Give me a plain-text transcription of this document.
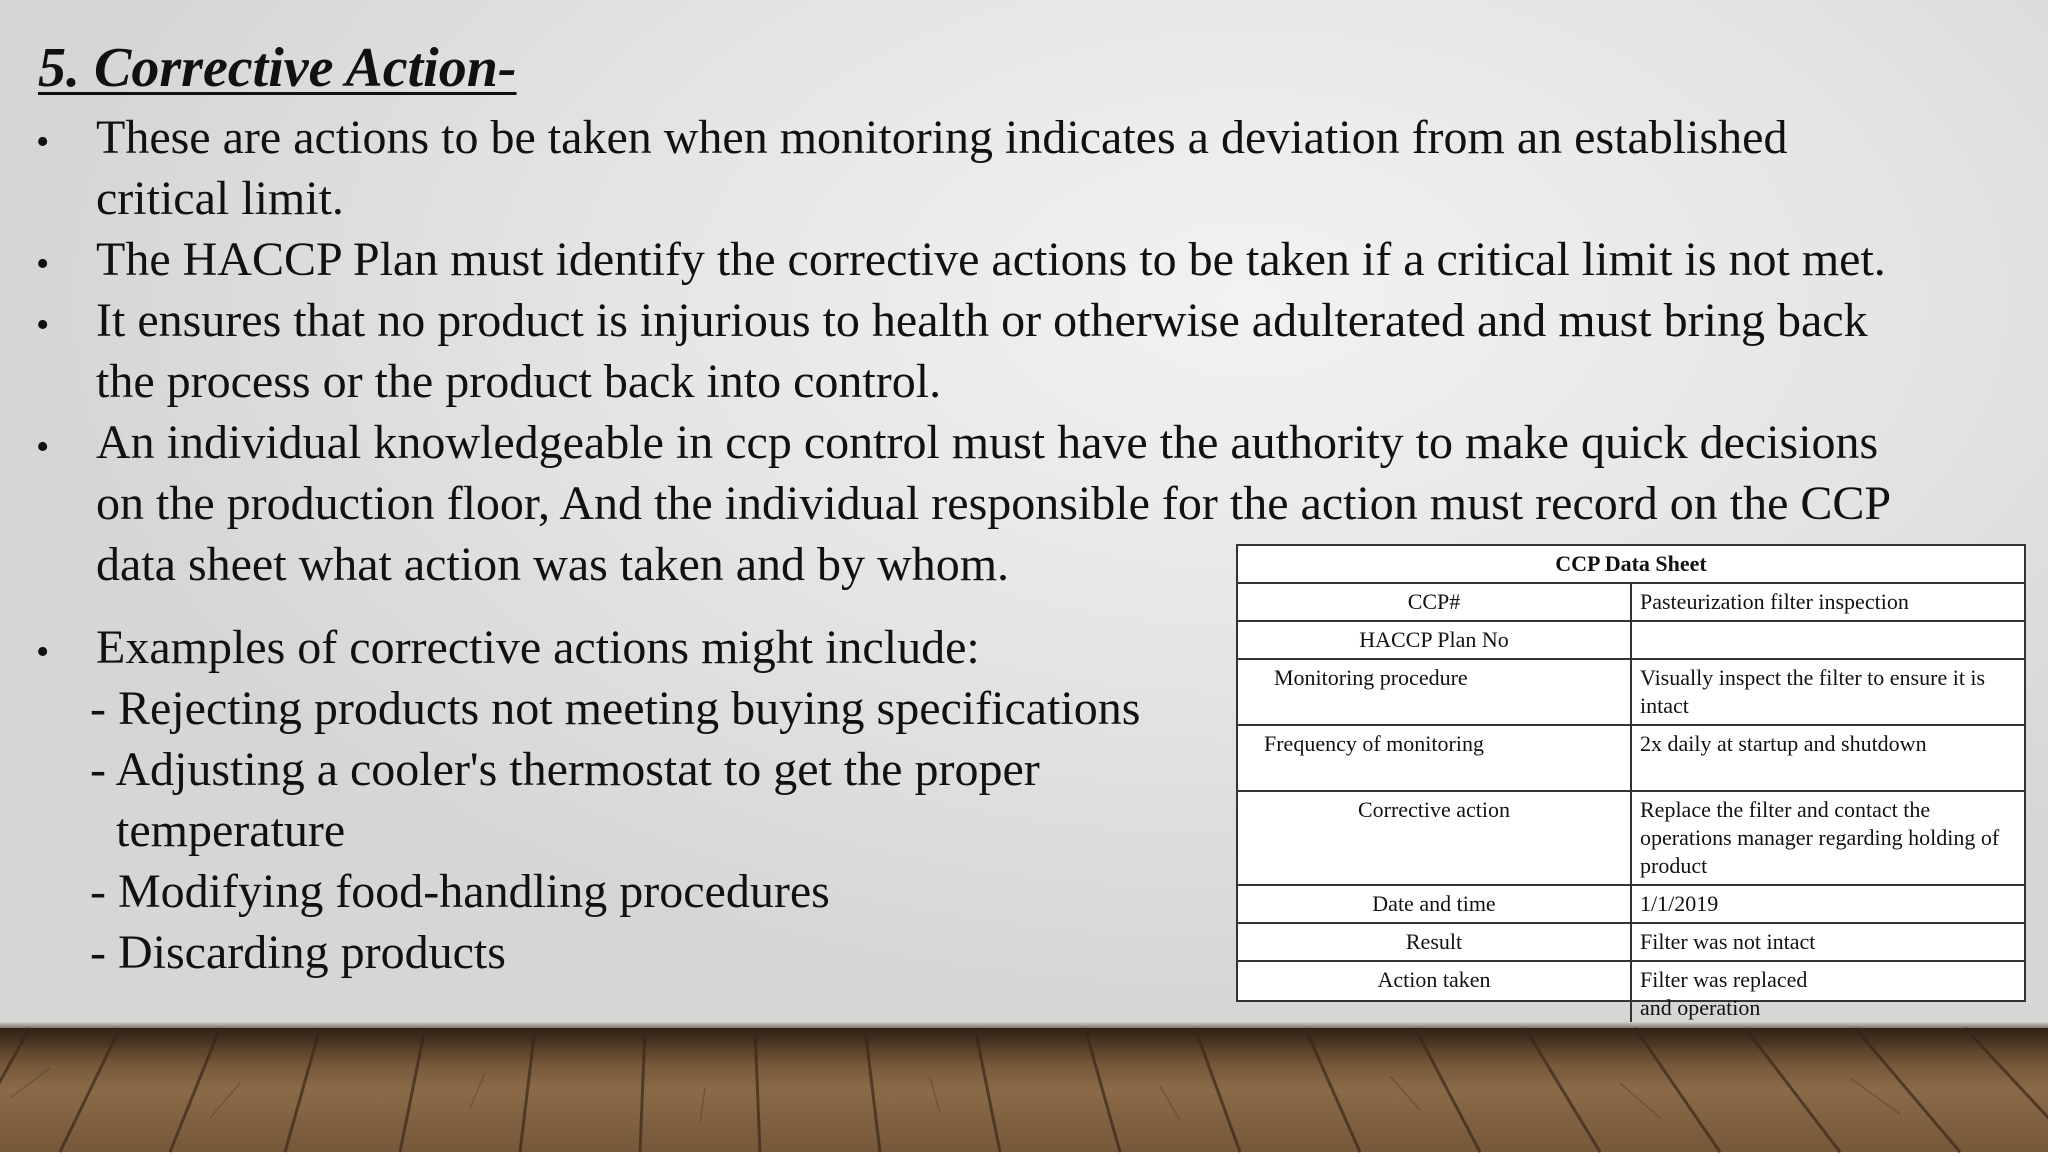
5. Corrective Action-
• These are actions to be taken when monitoring indicates a deviation from an established
critical limit.
• The HACCP Plan must identify the corrective actions to be taken if a critical limit is not met.
• It ensures that no product is injurious to health or otherwise adulterated and must bring back
the process or the product back into control.
• An individual knowledgeable in ccp control must have the authority to make quick decisions
on the production floor, And the individual responsible for the action must record on the CCP
data sheet what action was taken and by whom.
• Examples of corrective actions might include:
- Rejecting products not meeting buying specifications
- Adjusting a cooler's thermostat to get the proper
temperature
- Modifying food-handling procedures
- Discarding products
CCP Data Sheet	
CCP#	Pasteurization filter inspection
HACCP Plan No	
Monitoring procedure	Visually inspect the filter to ensure it is intact
Frequency of monitoring	2x daily at startup and shutdown
Corrective action	Replace the filter and contact the operations manager regarding holding of product
Date and time	1/1/2019
Result	Filter was not intact
Action taken	Filter was replaced and operation
